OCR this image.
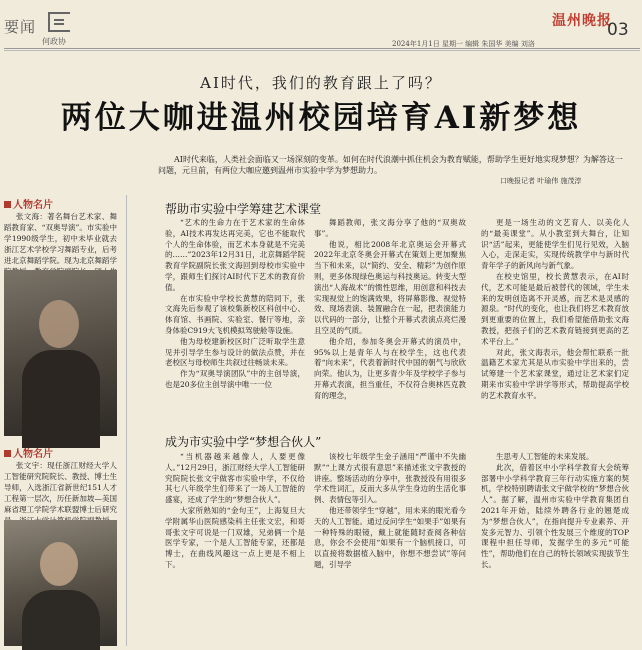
要闻
何政协
温州晚报
03
2024年1月1日 星期一 编辑 朱国华 美编 刘洛
AI时代，我们的教育跟上了吗？
两位大咖进温州校园培育AI新梦想
AI时代来临，人类社会面临又一场深刻的变革。如何在时代浪潮中抓住机会为教育赋能，帮助学生更好地实现梦想？为解答这一问题，元旦前，有两位大咖应邀到温州市实验中学为梦想助力。
口晚报记者 叶瑜伟 施茂淳
人物名片
张文海：著名舞台艺术家、舞蹈教育家、“双奥导演”。市实验中学1990级学生，初中未毕业就去浙江艺术学校学习舞蹈专业，后考进北京舞蹈学院。现为北京舞蹈学
人物名片
张文宇：现任浙江财经大学人工智能研究院院长、教授、博士生导师，入选浙江省新世纪151人才工程第一层次，历任新加坡—美国麻省理工学院学术联盟博士后研究
帮助市实验中学筹建艺术课堂

“艺术的生命力在于艺术家的生命体验，AI技术再发达再完美，它也不能取代个人的生命体验，而艺术本身就是不完美的……”2023年12月31日，北京舞蹈学院教育学院副院长张文海回到母校市实验中学，跟师生们探讨AI时代下艺术的教育价值。

在市实验中学校长黄慧的陪同下，张文海先后参观了该校集新校区科创中心、体育馆、书画院、实验室、餐厅等地，亲身体验C919大飞机模拟驾驶舱等设施。

他为母校建新校区时广泛听取学生意见并引导学生参与设计的做法点赞，并在老校区与母校师生共叙过往畅谈未来。

作为“双奥导演团队”中的主创导演，也是20多位主创导演中唯一一位

舞蹈教师，张文海分享了他的“双奥故事”。

他说，相比2008年北京奥运会开幕式2022年北京冬奥会开幕式在策划上更加聚焦当下和未来，以“简约、安全、精彩”为创作原则，更多体现绿色奥运与科技奥运。转变大型演出“人海战术”的惯性思维，用创意和科技去实现视觉上的饱满效果，将屏幕影像、视觉特效、现场表演、装置融合在一起，把表演能力以代码的一部分，让整个开幕式表演点亮烂漫且空灵的气质。

他介绍，参加冬奥会开幕式的演员中，95%以上是青年人与在校学生，这也代表着“向未来”，代表着新时代中国的朝气与欣欣向荣。他认为，让更多青少年及学校学子参与开幕式表演，担当重任，不仅符合奥林匹克教育的理念，

更是一场生动的文艺育人、以美化人的“最美课堂”。从小教室到大舞台，让知识“活”起来，更能使学生们见行见效，入脑入心，走深走实，实现传统教学中与新时代青年学子的新风向与新气象。

在校史馆里，校长黄慧表示，在AI时代，艺术可能是最后被替代的领域，学生未来的发明创造离不开灵感，而艺术是灵感的源泉。“时代的变化，也让我们将艺术教育放到更重要的位置上，我们希望能借助张文海教授，把孩子们的艺术教育链接到更高的艺术平台上。”

对此，张文海表示，他会帮忙联系一批温籍艺术家尤其是从市实验中学出来的，尝试筹建一个艺术家课堂，通过让艺术家们定期来市实验中学讲学等形式，帮助提高学校的艺术教育水平。

成为市实验中学“梦想合伙人”

“当机器越来越像人，人要更像人。”12月29日，浙江财经大学人工智能研究院院长张文宇做客市实验中学，不仅给其七八年级学生们带来了一场人工智能的盛宴，还成了学生的“梦想合伙人”。

大家所熟知的“金句王”，上海复旦大学附属华山医院感染科主任张文宏，和哥哥张文宇可说是一门双雄，兄弟俩一个是医学专家，一个是人工智能专家，还都是博士，在曲线风趣这一点上更是不相上下。

该校七年级学生金子涵用“严谨中不失幽默”“上课方式很有意思”来描述张文宇教授的讲座。整场活动的分享中，张教授没有用很多学术性词汇，反而大多从学生身边的生活化事例、表情包等引入。

他还带领学生“穿越”，用未来的眼光看今天的人工智能。通过反问学生“如果手”如果有一种特殊的眼镜，戴上就能随时查阅各种信息，你会不会使用“如果有一个脑机接口，可以直接将数据植入脑中，你想不想尝试”等问题，引导学

生思考人工智能的未来发展。

此次，借着区中小学科学教育大会统筹部署中小学科学教育三年行动实施方案的契机，学校特别聘请张文宇做学校的“梦想合伙人”。据了解，温州市实验中学教育集团自2021年开始，陆续外聘各行业的翘楚成为“梦想合伙人”，在指向提升专业素养、开发多元智力、引领个性发展三个维度的TOP课程中担任导师，发掘学生的多元“可能性”，帮助他们在自己的特长领域实现拔节生长。
